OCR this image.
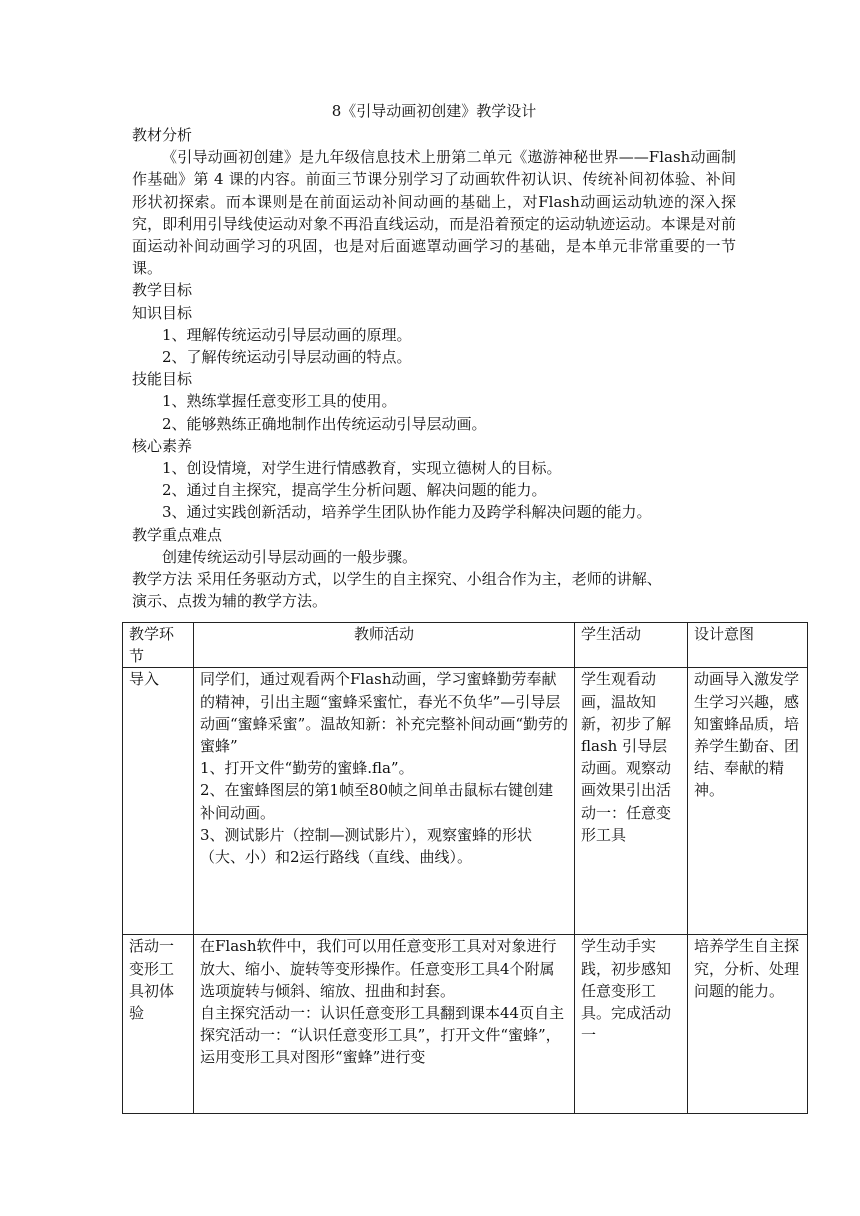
8《引导动画初创建》教学设计

教材分析

《引导动画初创建》是九年级信息技术上册第二单元《遨游神秘世界——Flash动画制作基础》第 4 课的内容。前面三节课分别学习了动画软件初认识、传统补间初体验、补间形状初探索。而本课则是在前面运动补间动画的基础上，对Flash动画运动轨迹的深入探究，即利用引导线使运动对象不再沿直线运动，而是沿着预定的运动轨迹运动。本课是对前面运动补间动画学习的巩固，也是对后面遮罩动画学习的基础，是本单元非常重要的一节课。

教学目标

知识目标

1、理解传统运动引导层动画的原理。

2、了解传统运动引导层动画的特点。

技能目标

1、熟练掌握任意变形工具的使用。

2、能够熟练正确地制作出传统运动引导层动画。

核心素养

1、创设情境，对学生进行情感教育，实现立德树人的目标。

2、通过自主探究，提高学生分析问题、解决问题的能力。

3、通过实践创新活动，培养学生团队协作能力及跨学科解决问题的能力。

教学重点难点

创建传统运动引导层动画的一般步骤。

教学方法 采用任务驱动方式，以学生的自主探究、小组合作为主，老师的讲解、

演示、点拨为辅的教学方法。

教学环节	教师活动	学生活动	设计意图
导入	同学们，通过观看两个Flash动画，学习蜜蜂勤劳奉献的精神，引出主题“蜜蜂采蜜忙，春光不负华”—引导层动画“蜜蜂采蜜”。温故知新：补充完整补间动画“勤劳的蜜蜂”
1、打开文件“勤劳的蜜蜂.fla”。
2、在蜜蜂图层的第1帧至80帧之间单击鼠标右键创建补间动画。
3、测试影片（控制—测试影片），观察蜜蜂的形状（大、小）和2运行路线（直线、曲线）。	学生观看动画，温故知新，初步了解flash 引导层动画。观察动画效果引出活动一：任意变形工具	动画导入激发学生学习兴趣，感知蜜蜂品质，培养学生勤奋、团结、奉献的精神。
活动一变形工具初体验	在Flash软件中，我们可以用任意变形工具对对象进行放大、缩小、旋转等变形操作。任意变形工具4个附属选项旋转与倾斜、缩放、扭曲和封套。
自主探究活动一：认识任意变形工具翻到课本44页自主探究活动一：“认识任意变形工具”，打开文件“蜜蜂”，运用变形工具对图形“蜜蜂”进行变	学生动手实践，初步感知任意变形工具。完成活动一	培养学生自主探究，分析、处理问题的能力。
